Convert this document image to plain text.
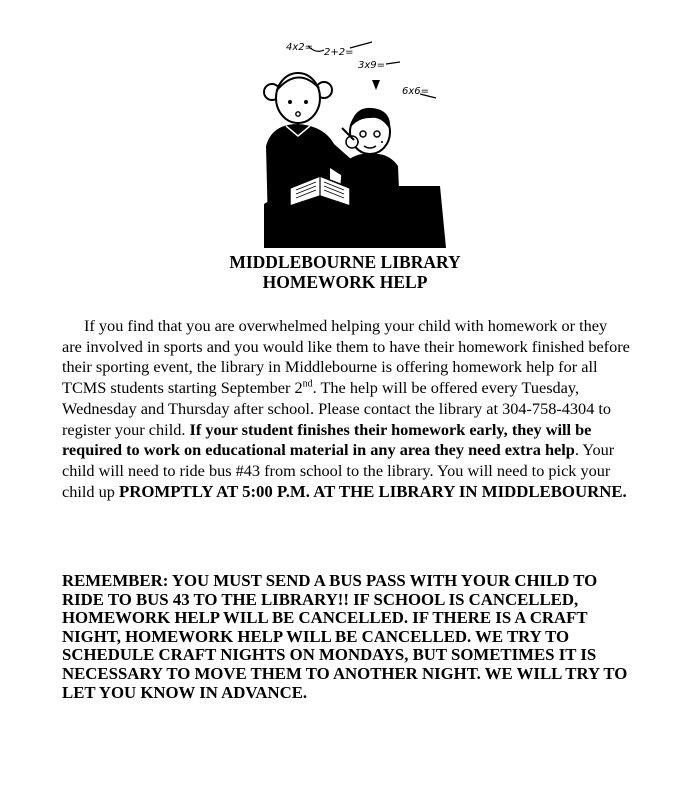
4x2= 2+2=
3x9=
6x6=
MIDDLEBOURNE LIBRARY
HOMEWORK HELP

If you find that you are overwhelmed helping your child with homework or they are involved in sports and you would like them to have their homework finished before their sporting event, the library in Middlebourne is offering homework help for all TCMS students starting September 2nd. The help will be offered every Tuesday, Wednesday and Thursday after school. Please contact the library at 304-758-4304 to register your child. If your student finishes their homework early, they will be required to work on educational material in any area they need extra help. Your child will need to ride bus #43 from school to the library. You will need to pick your child up PROMPTLY AT 5:00 P.M. AT THE LIBRARY IN MIDDLEBOURNE.

REMEMBER: YOU MUST SEND A BUS PASS WITH YOUR CHILD TO RIDE TO BUS 43 TO THE LIBRARY!! IF SCHOOL IS CANCELLED, HOMEWORK HELP WILL BE CANCELLED. IF THERE IS A CRAFT NIGHT, HOMEWORK HELP WILL BE CANCELLED. WE TRY TO SCHEDULE CRAFT NIGHTS ON MONDAYS, BUT SOMETIMES IT IS NECESSARY TO MOVE THEM TO ANOTHER NIGHT. WE WILL TRY TO LET YOU KNOW IN ADVANCE.
